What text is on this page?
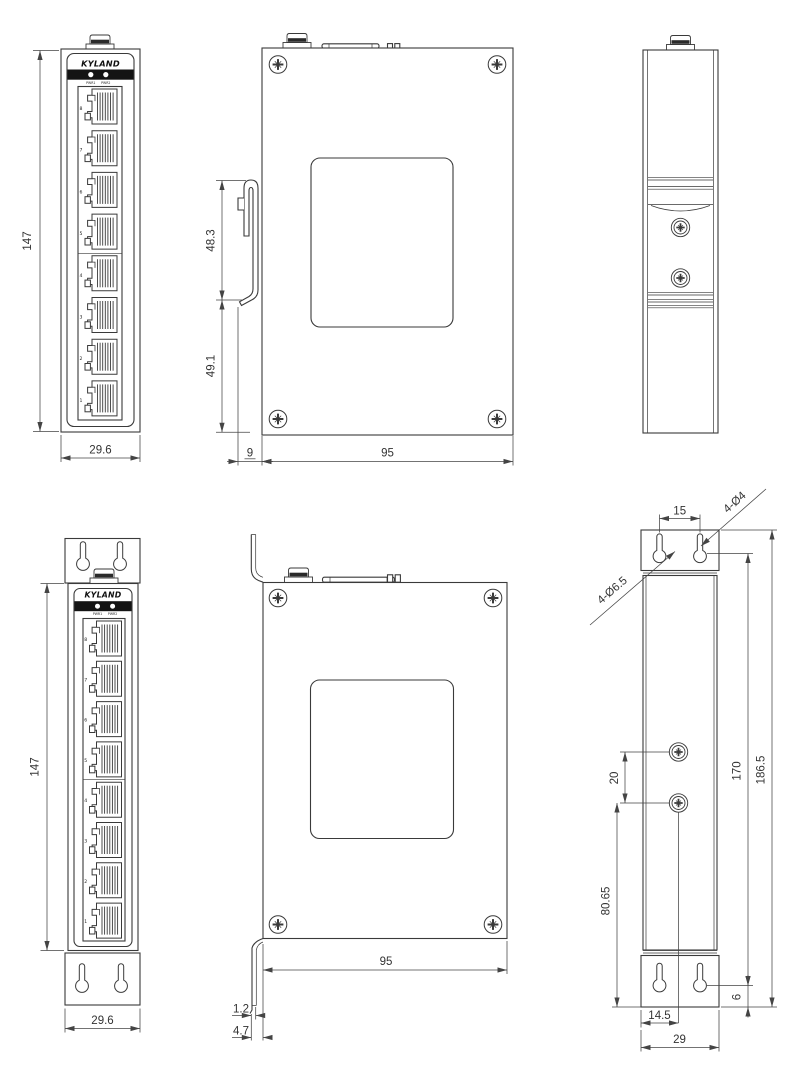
KYLAND
PWR1 PWR2
8
7
6
5
4
3
2
1
147
29.6
48.3
49.1
9	95
KYLAND
PWR1 PWR2
8
7
6
5
4
3
2
1
147
29.6
95
1.2
4.7
15	4-Ø4
4-Ø6.5
20
80.65
170 186.5
6
14.5
29
